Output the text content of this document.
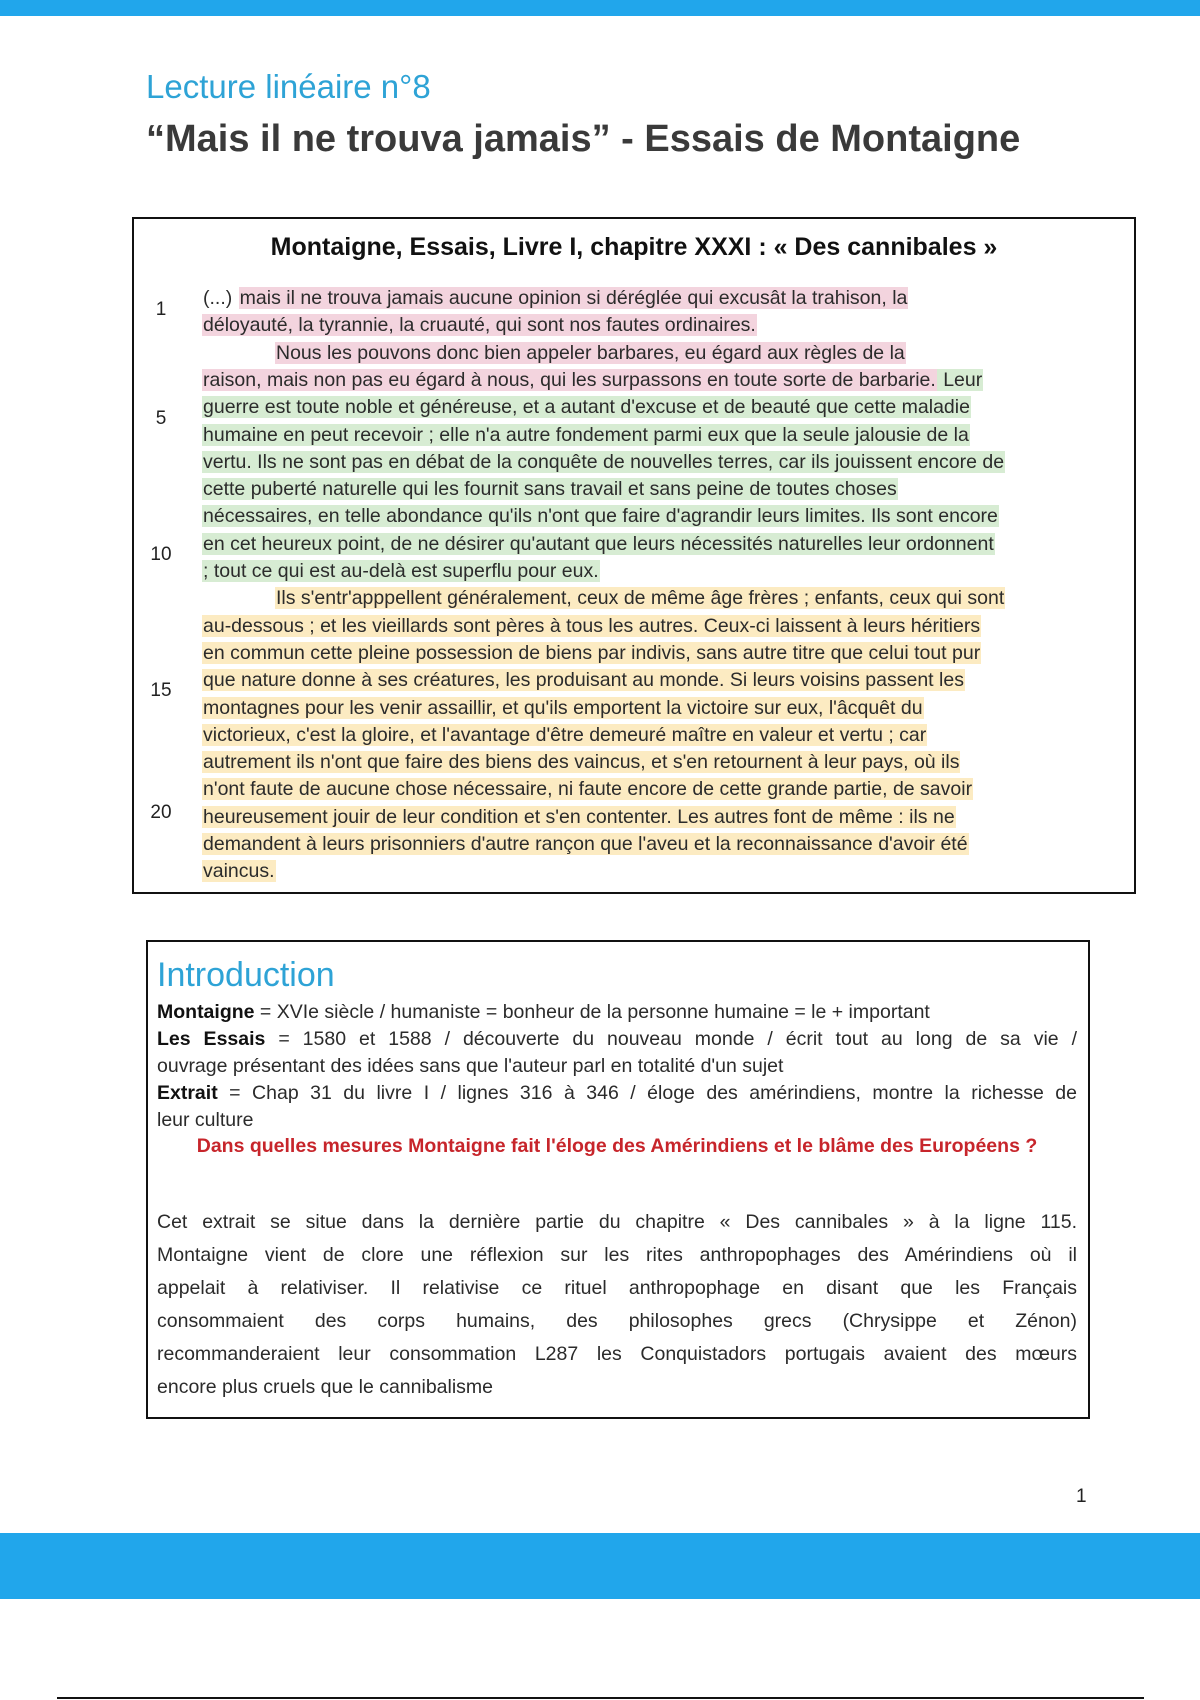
Lecture linéaire n°8
“Mais il ne trouva jamais” - Essais de Montaigne
Montaigne, Essais, Livre I, chapitre XXXI : « Des cannibales »
(...) mais il ne trouva jamais aucune opinion si déréglée qui excusât la trahison, la
déloyauté, la tyrannie, la cruauté, qui sont nos fautes ordinaires.
Nous les pouvons donc bien appeler barbares, eu égard aux règles de la
raison, mais non pas eu égard à nous, qui les surpassons en toute sorte de barbarie. Leur
guerre est toute noble et généreuse, et a autant d'excuse et de beauté que cette maladie
humaine en peut recevoir ; elle n'a autre fondement parmi eux que la seule jalousie de la
vertu. Ils ne sont pas en débat de la conquête de nouvelles terres, car ils jouissent encore de
cette puberté naturelle qui les fournit sans travail et sans peine de toutes choses
nécessaires, en telle abondance qu'ils n'ont que faire d'agrandir leurs limites. Ils sont encore
en cet heureux point, de ne désirer qu'autant que leurs nécessités naturelles leur ordonnent
; tout ce qui est au-delà est superflu pour eux.
Ils s'entr'apppellent généralement, ceux de même âge frères ; enfants, ceux qui sont
au-dessous ; et les vieillards sont pères à tous les autres. Ceux-ci laissent à leurs héritiers
en commun cette pleine possession de biens par indivis, sans autre titre que celui tout pur
que nature donne à ses créatures, les produisant au monde. Si leurs voisins passent les
montagnes pour les venir assaillir, et qu'ils emportent la victoire sur eux, l'âcquêt du
victorieux, c'est la gloire, et l'avantage d'être demeuré maître en valeur et vertu ; car
autrement ils n'ont que faire des biens des vaincus, et s'en retournent à leur pays, où ils
n'ont faute de aucune chose nécessaire, ni faute encore de cette grande partie, de savoir
heureusement jouir de leur condition et s'en contenter. Les autres font de même : ils ne
demandent à leurs prisonniers d'autre rançon que l'aveu et la reconnaissance d'avoir été
vaincus.
1
5
10
15
20
Introduction
Montaigne = XVIe siècle / humaniste = bonheur de la personne humaine = le + important
Les Essais = 1580 et 1588 / découverte du nouveau monde / écrit tout au long de sa vie /
ouvrage présentant des idées sans que l'auteur parl en totalité d'un sujet
Extrait = Chap 31 du livre I / lignes 316 à 346 / éloge des amérindiens, montre la richesse de
leur culture
Dans quelles mesures Montaigne fait l'éloge des Amérindiens et le blâme des Européens ?
Cet extrait se situe dans la dernière partie du chapitre « Des cannibales » à la ligne 115.
Montaigne vient de clore une réflexion sur les rites anthropophages des Amérindiens où il
appelait à relativiser. Il relativise ce rituel anthropophage en disant que les Français
consommaient des corps humains, des philosophes grecs (Chrysippe et Zénon)
recommanderaient leur consommation L287 les Conquistadors portugais avaient des mœurs
encore plus cruels que le cannibalisme
1
